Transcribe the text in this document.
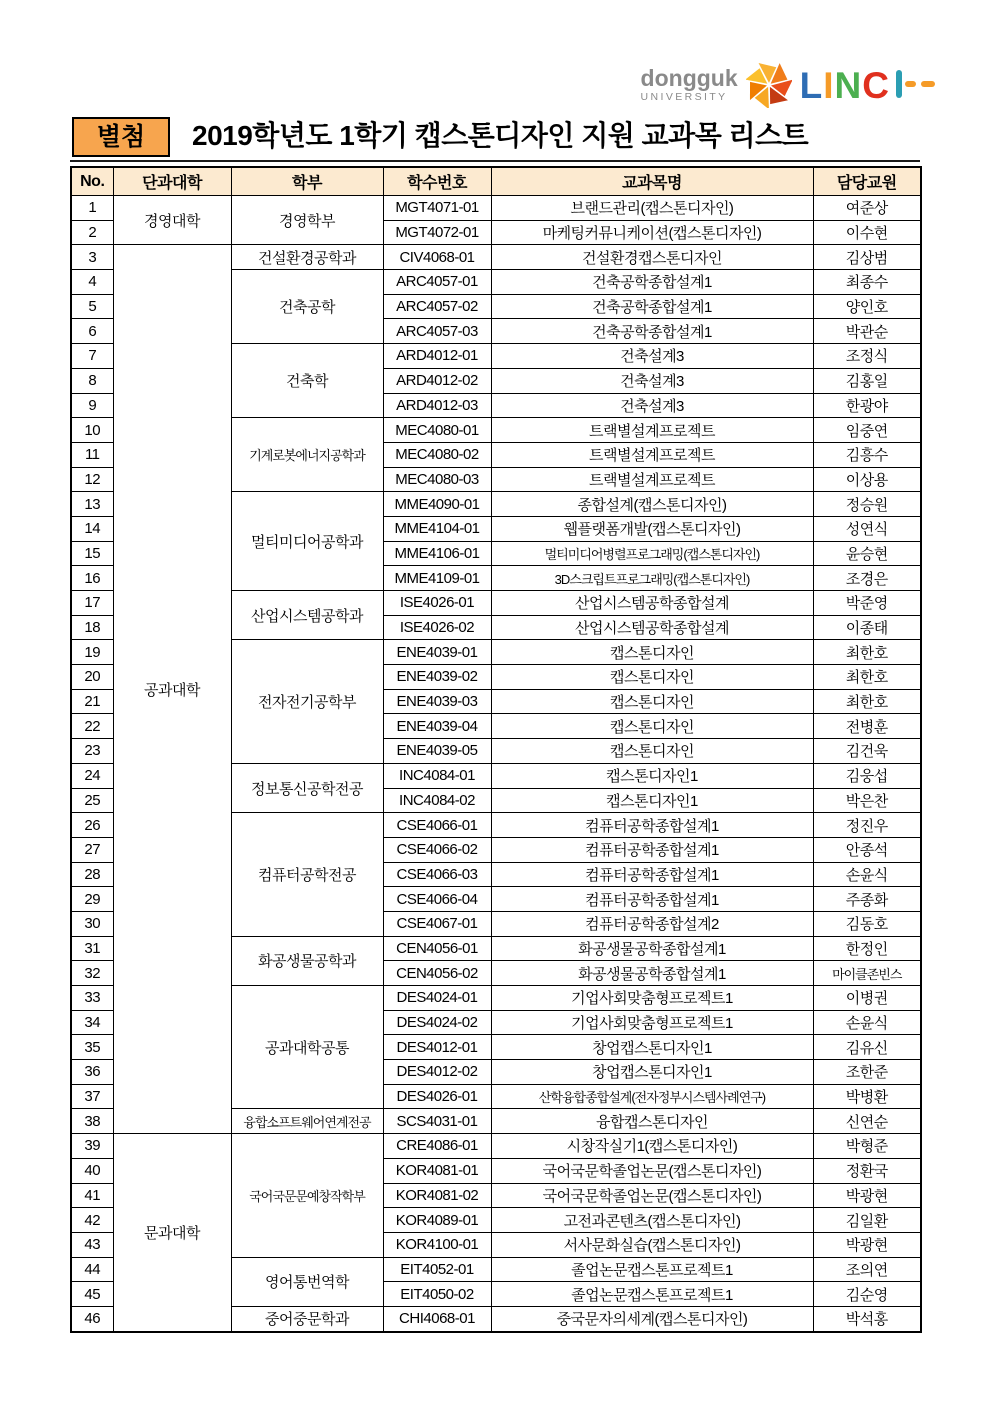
dongguk
UNIVERSITY LINC
별첨	2019학년도 1학기 캡스톤디자인 지원 교과목 리스트
No.	단과대학	학부	학수번호	교과목명	담당교원
1	경영대학	경영학부	MGT4071-01	브랜드관리(캡스톤디자인)	여준상
2			MGT4072-01	마케팅커뮤니케이션(캡스톤디자인)	이수현
3	공과대학	건설환경공학과	CIV4068-01	건설환경캡스톤디자인	김상범
4		건축공학	ARC4057-01	건축공학종합설계1	최종수
5			ARC4057-02	건축공학종합설계1	양인호
6			ARC4057-03	건축공학종합설계1	박관순
7		건축학	ARD4012-01	건축설계3	조정식
8			ARD4012-02	건축설계3	김홍일
9			ARD4012-03	건축설계3	한광야
10		기계로봇에너지공학과	MEC4080-01	트랙별설계프로젝트	임중연
11			MEC4080-02	트랙별설계프로젝트	김흥수
12			MEC4080-03	트랙별설계프로젝트	이상용
13		멀티미디어공학과	MME4090-01	종합설계(캡스톤디자인)	정승원
14			MME4104-01	웹플랫폼개발(캡스톤디자인)	성연식
15			MME4106-01	멀티미디어병렬프로그래밍(캡스톤디자인)	윤승현
16			MME4109-01	3D스크립트프로그래밍(캡스톤디자인)	조경은
17		산업시스템공학과	ISE4026-01	산업시스템공학종합설계	박준영
18			ISE4026-02	산업시스템공학종합설계	이종태
19		전자전기공학부	ENE4039-01	캡스톤디자인	최한호
20			ENE4039-02	캡스톤디자인	최한호
21			ENE4039-03	캡스톤디자인	최한호
22			ENE4039-04	캡스톤디자인	전병훈
23			ENE4039-05	캡스톤디자인	김건욱
24		정보통신공학전공	INC4084-01	캡스톤디자인1	김웅섭
25			INC4084-02	캡스톤디자인1	박은찬
26		컴퓨터공학전공	CSE4066-01	컴퓨터공학종합설계1	정진우
27			CSE4066-02	컴퓨터공학종합설계1	안종석
28			CSE4066-03	컴퓨터공학종합설계1	손윤식
29			CSE4066-04	컴퓨터공학종합설계1	주종화
30			CSE4067-01	컴퓨터공학종합설계2	김동호
31		화공생물공학과	CEN4056-01	화공생물공학종합설계1	한정인
32			CEN4056-02	화공생물공학종합설계1	마이클존빈스
33		공과대학공통	DES4024-01	기업사회맞춤형프로젝트1	이병권
34			DES4024-02	기업사회맞춤형프로젝트1	손윤식
35			DES4012-01	창업캡스톤디자인1	김유신
36			DES4012-02	창업캡스톤디자인1	조한준
37			DES4026-01	산학융합종합설계(전자정부시스템사례연구)	박병환
38		융합소프트웨어연계전공	SCS4031-01	융합캡스톤디자인	신연순
39	문과대학	국어국문문예창작학부	CRE4086-01	시창작실기1(캡스톤디자인)	박형준
40			KOR4081-01	국어국문학졸업논문(캡스톤디자인)	정환국
41			KOR4081-02	국어국문학졸업논문(캡스톤디자인)	박광현
42			KOR4089-01	고전과콘텐츠(캡스톤디자인)	김일환
43			KOR4100-01	서사문화실습(캡스톤디자인)	박광현
44		영어통번역학	EIT4052-01	졸업논문캡스톤프로젝트1	조의연
45			EIT4050-02	졸업논문캡스톤프로젝트1	김순영
46		중어중문학과	CHI4068-01	중국문자의세계(캡스톤디자인)	박석홍
